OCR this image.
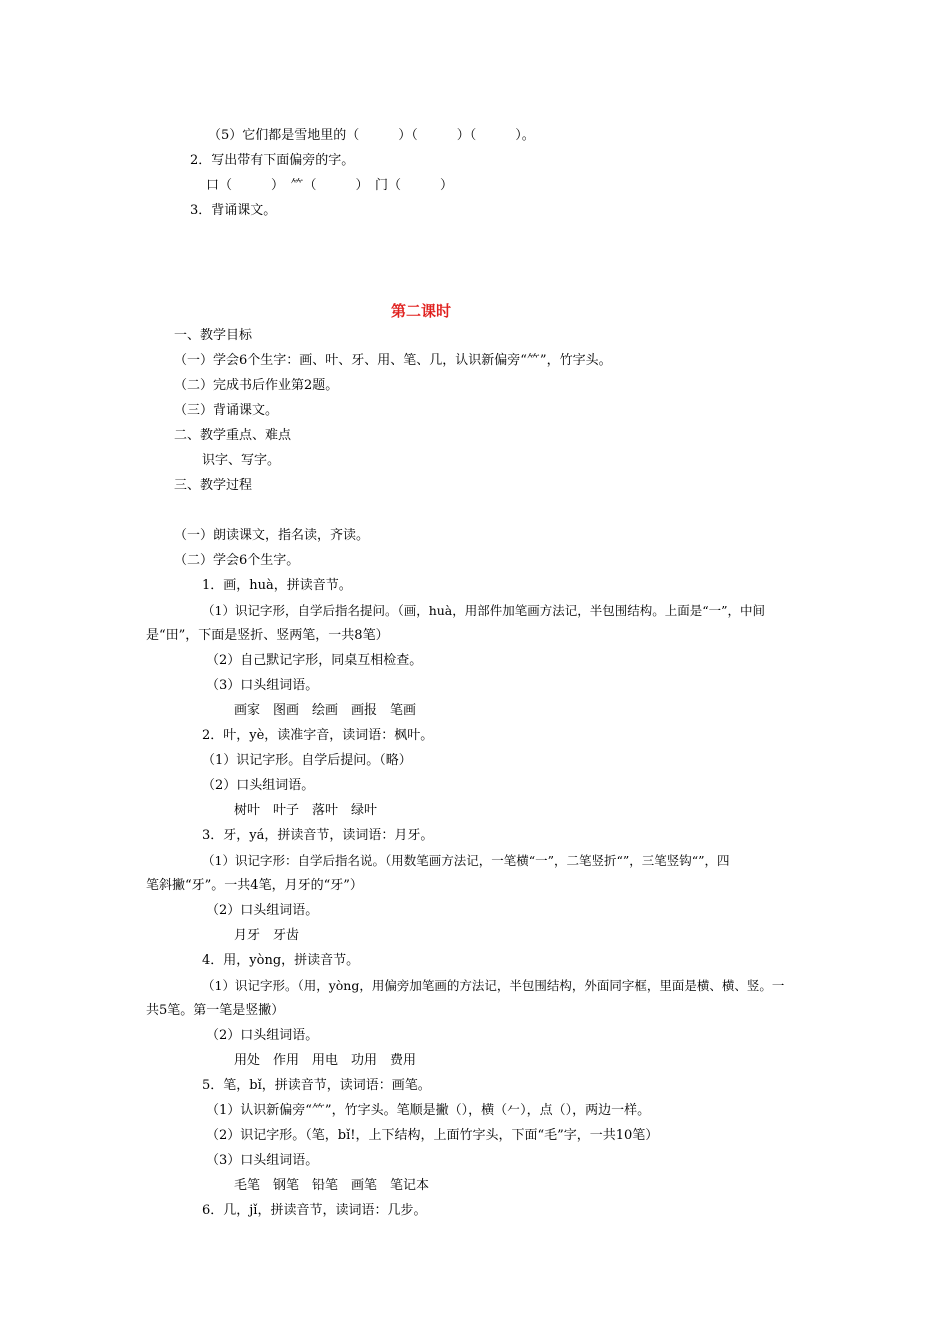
（5）它们都是雪地里的（　　　）（　　　）（　　　）。
2．写出带有下面偏旁的字。
口（　　　）　⺮（　　　）　门（　　　）
3．背诵课文。
第二课时
一、教学目标
（一）学会6个生字：画、叶、牙、用、笔、几，认识新偏旁“⺮”，竹字头。
（二）完成书后作业第2题。
（三）背诵课文。
二、教学重点、难点
识字、写字。
三、教学过程
（一）朗读课文，指名读，齐读。
（二）学会6个生字。
1．画，huà，拼读音节。
（1）识记字形，自学后指名提问。（画，huà，用部件加笔画方法记，半包围结构。上面是“一”，中间
是“田”，下面是竖折、竖两笔，一共8笔）
（2）自己默记字形，同桌互相检查。
（3）口头组词语。
画家　图画　绘画　画报　笔画
2．叶，yè，读准字音，读词语：枫叶。
（1）识记字形。自学后提问。（略）
（2）口头组词语。
树叶　叶子　落叶　绿叶
3．牙，yá，拼读音节，读词语：月牙。
（1）识记字形：自学后指名说。（用数笔画方法记，一笔横“一”，二笔竖折“”，三笔竖钩“”，四
笔斜撇“牙”。一共4笔，月牙的“牙”）
（2）口头组词语。
月牙　牙齿
4．用，yòng，拼读音节。
（1）识记字形。（用，yòng，用偏旁加笔画的方法记，半包围结构，外面同字框，里面是横、横、竖。一
共5笔。第一笔是竖撇）
（2）口头组词语。
用处　作用　用电　功用　费用
5．笔，bǐ，拼读音节，读词语：画笔。
（1）认识新偏旁“⺮”，竹字头。笔顺是撇（），横（𠂉），点（），两边一样。
（2）识记字形。（笔，bǐ!，上下结构，上面竹字头，下面“毛”字，一共10笔）
（3）口头组词语。
毛笔　钢笔　铅笔　画笔　笔记本
6．几，jǐ，拼读音节，读词语：几步。
